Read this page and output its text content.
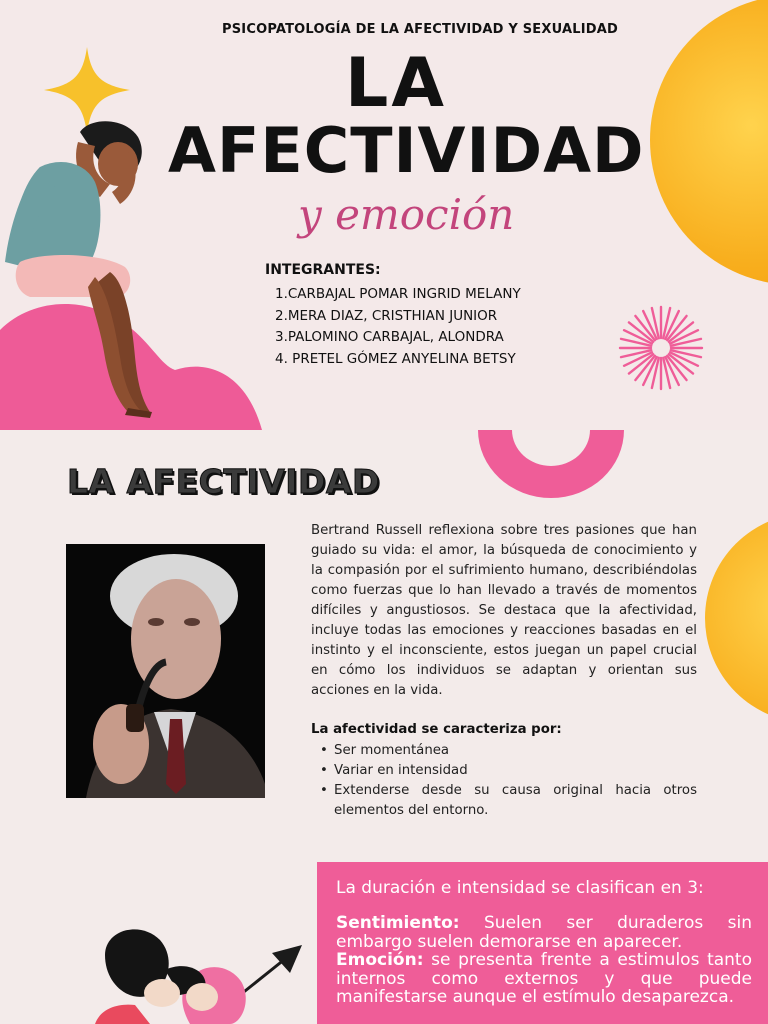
PSICOPATOLOGÍA DE LA AFECTIVIDAD Y SEXUALIDAD
LA
AFECTIVIDAD
y emoción
INTEGRANTES:
1.CARBAJAL POMAR INGRID MELANY
2.MERA DIAZ, CRISTHIAN JUNIOR
3.PALOMINO CARBAJAL, ALONDRA
4. PRETEL GÓMEZ ANYELINA BETSY
LA AFECTIVIDAD
Bertrand Russell reflexiona sobre tres pasiones que han guiado su vida: el amor, la búsqueda de conocimiento y la compasión por el sufrimiento humano, describiéndolas como fuerzas que lo han llevado a través de momentos difíciles y angustiosos. Se destaca que la afectividad, incluye todas las emociones y reacciones basadas en el instinto y el inconsciente, estos juegan un papel crucial en cómo los individuos se adaptan y orientan sus acciones en la vida.
La afectividad se caracteriza por:
• Ser momentánea
• Variar en intensidad
• Extenderse desde su causa original hacia otros elementos del entorno.
La duración e intensidad se clasifican en 3:
Sentimiento: Suelen ser duraderos sin embargo suelen demorarse en aparecer.
Emoción: se presenta frente a estimulos tanto internos como externos y que puede manifestarse aunque el estímulo desaparezca.
